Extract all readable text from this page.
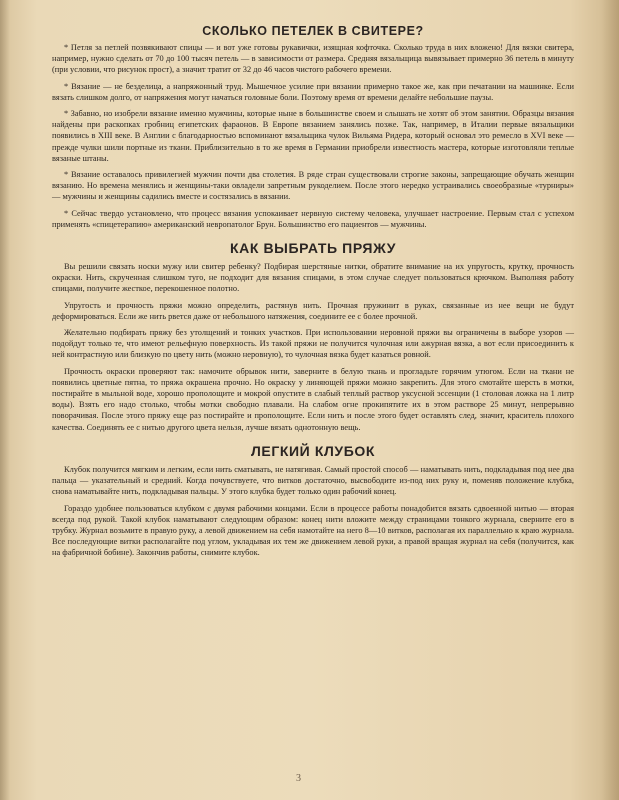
СКОЛЬКО ПЕТЕЛЕК В СВИТЕРЕ?

* Петля за петлей позвякивают спицы — и вот уже готовы рукавички, изящная кофточка. Сколько труда в них вложено! Для вязки свитера, например, нужно сделать от 70 до 100 тысяч петель — в зависимости от размера. Средняя вязальщица вывязывает примерно 36 петель в минуту (при условии, что рисунок прост), а значит тратит от 32 до 46 часов чистого рабочего времени.

* Вязание — не безделица, а напряжонный труд. Мышечное усилие при вязании примерно такое же, как при печатании на машинке. Если вязать слишком долго, от напряжения могут начаться головные боли. Поэтому время от времени делайте небольшие паузы.

* Забавно, но изобрели вязание именно мужчины, которые ныне в большинстве своем и слышать не хотят об этом занятии. Образцы вязания найдены при раскопках гробниц египетских фараонов. В Европе вязанием занялись позже. Так, например, в Италии первые вязальщики появились в XIII веке. В Англии с благодарностью вспоминают вязальщика чулок Вильяма Ридера, который основал это ремесло в XVI веке — прежде чулки шили портные из ткани. Приблизительно в то же время в Германии приобрели известность мастера, которые изготовляли теплые вязаные штаны.

* Вязание оставалось привилегией мужчин почти два столетия. В ряде стран существовали строгие законы, запрещающие обучать женщин вязанию. Но времена менялись и женщины-таки овладели запретным рукоделием. После этого нередко устраивались своеобразные «турниры» — мужчины и женщины садились вместе и состязались в вязании.

* Сейчас твердо установлено, что процесс вязания успокаивает нервную систему человека, улучшает настроение. Первым стал с успехом применять «спицетерапию» американский невропатолог Брун. Большинство его пациентов — мужчины.

КАК ВЫБРАТЬ ПРЯЖУ

Вы решили связать носки мужу или свитер ребенку? Подбирая шерстяные нитки, обратите внимание на их упругость, крутку, прочность окраски. Нить, скрученная слишком туго, не подходит для вязания спицами, в этом случае следует пользоваться крючком. Выполняя работу спицами, получите жесткое, перекошенное полотно.

Упругость и прочность пряжи можно определить, растянув нить. Прочная пружинит в руках, связанные из нее вещи не будут деформироваться. Если же нить рвется даже от небольшого натяжения, соедините ее с более прочной.

Желательно подбирать пряжу без утолщений и тонких участков. При использовании неровной пряжи вы ограничены в выборе узоров — подойдут только те, что имеют рельефную поверхность. Из такой пряжи не получится чулочная или ажурная вязка, а вот если присоединить к ней контрастную или близкую по цвету нить (можно неровную), то чулочная вязка будет казаться ровной.

Прочность окраски проверяют так: намочите обрывок нити, заверните в белую ткань и прогладьте горячим утюгом. Если на ткани не появились цветные пятна, то пряжа окрашена прочно. Но окраску у линяющей пряжи можно закрепить. Для этого смотайте шерсть в мотки, постирайте в мыльной воде, хорошо прополощите и мокрой опустите в слабый теплый раствор уксусной эссенции (1 столовая ложка на 1 литр воды). Взять его надо столько, чтобы мотки свободно плавали. На слабом огне прокипятите их в этом растворе 25 минут, непрерывно поворачивая. После этого пряжу еще раз постирайте и прополощите. Если нить и после этого будет оставлять след, значит, краситель плохого качества. Соединять ее с нитью другого цвета нельзя, лучше вязать однотонную вещь.

ЛЕГКИЙ КЛУБОК

Клубок получится мягким и легким, если нить сматывать, не натягивая. Самый простой способ — наматывать нить, подкладывая под нее два пальца — указательный и средний. Когда почувствуете, что витков достаточно, высвободите из-под них руку и, поменяв положение клубка, снова наматывайте нить, подкладывая пальцы. У этого клубка будет только один рабочий конец.

Гораздо удобнее пользоваться клубком с двумя рабочими концами. Если в процессе работы понадобится вязать сдвоенной нитью — вторая всегда под рукой. Такой клубок наматывают следующим образом: конец нити вложите между страницами тонкого журнала, сверните его в трубку. Журнал возьмите в правую руку, а левой движением на себя намотайте на него 8—10 витков, располагая их параллельно к краю журнала. Все последующие витки располагайте под углом, укладывая их тем же движением левой руки, а правой вращая журнал на себя (получится, как на фабричной бобине). Закончив работы, снимите клубок.

3
